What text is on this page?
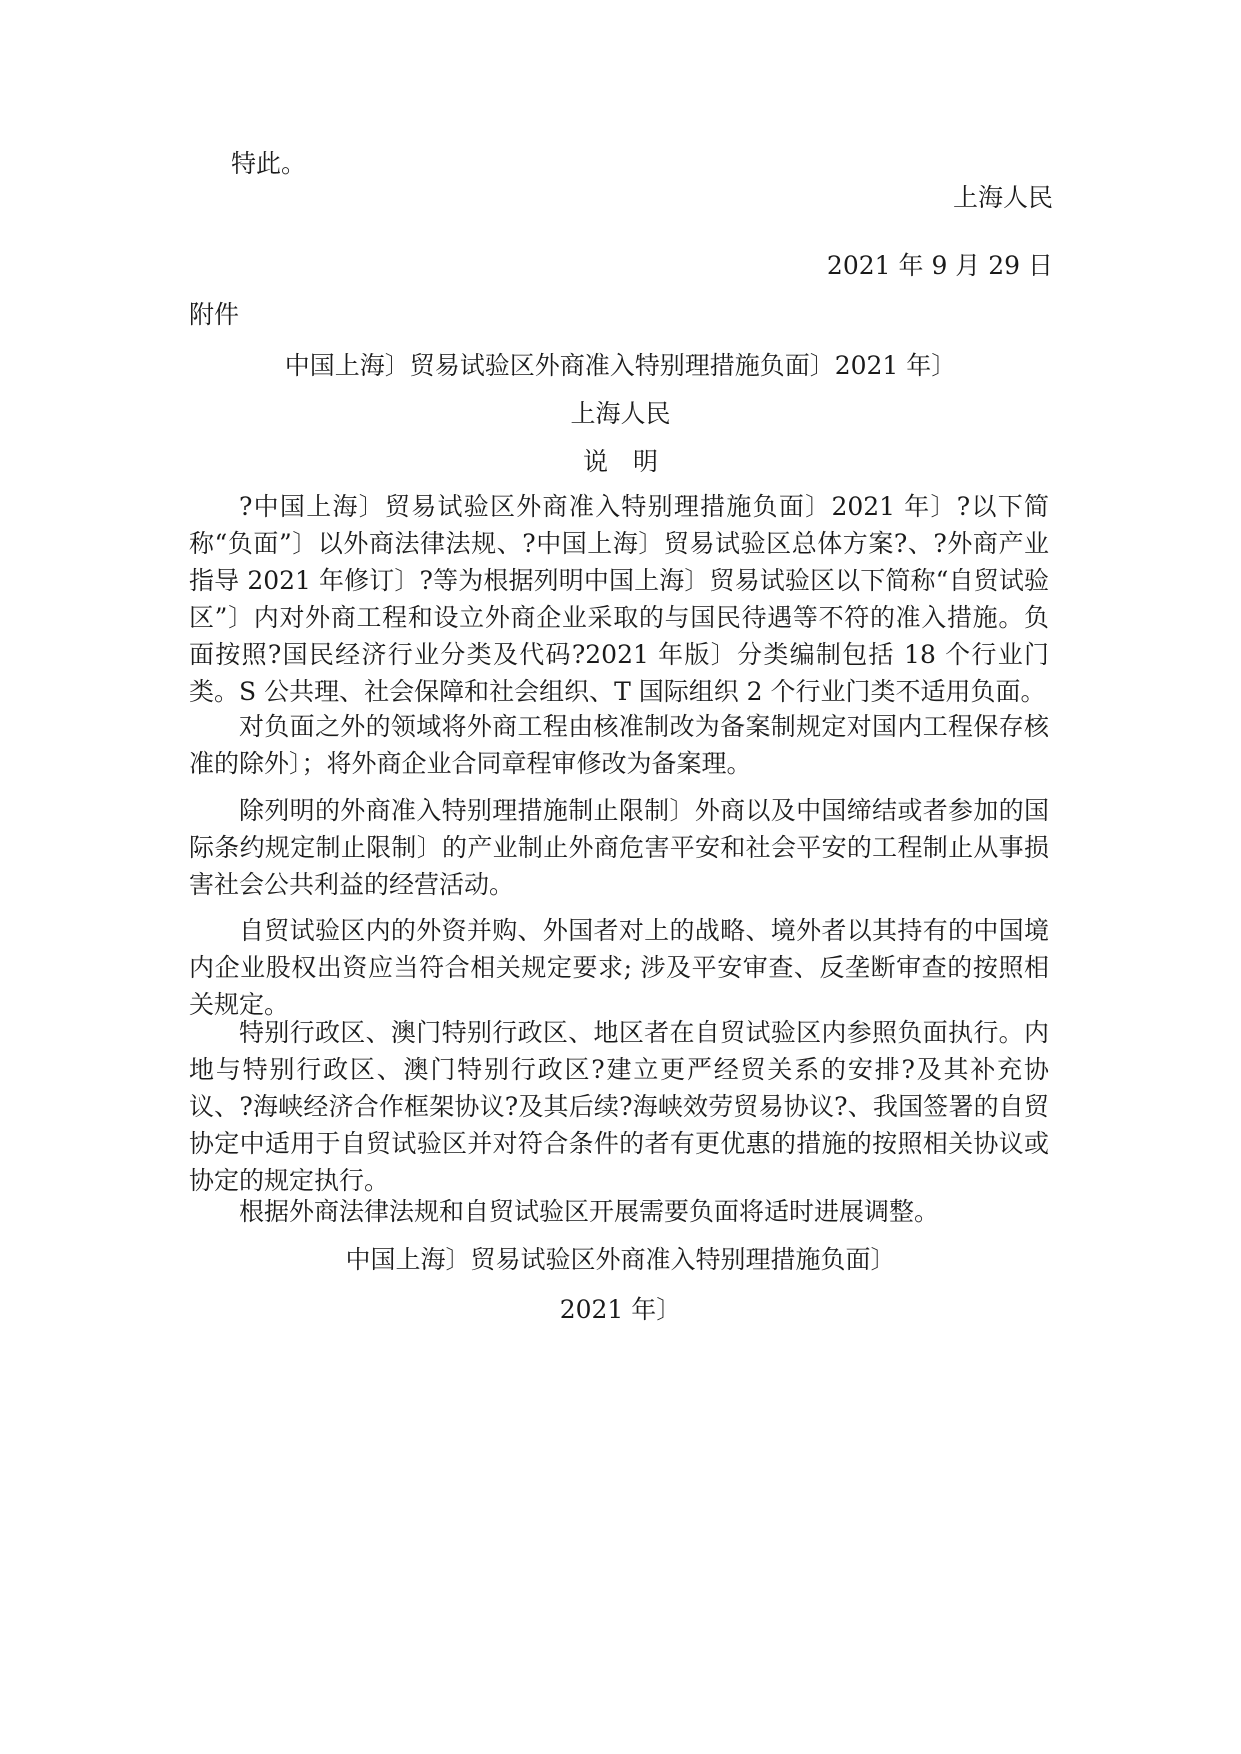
特此。
上海人民
2021 年 9 月 29 日
附件
中国上海〕贸易试验区外商准入特别理措施负面〕2021 年〕
上海人民
说　明

?中国上海〕贸易试验区外商准入特别理措施负面〕2021 年〕?以下简称“负面”〕以外商法律法规、?中国上海〕贸易试验区总体方案?、?外商产业指导 2021 年修订〕?等为根据列明中国上海〕贸易试验区以下简称“自贸试验区”〕内对外商工程和设立外商企业采取的与国民待遇等不符的准入措施。负面按照?国民经济行业分类及代码?2021 年版〕分类编制包括 18 个行业门类。S 公共理、社会保障和社会组织、T 国际组织 2 个行业门类不适用负面。

对负面之外的领域将外商工程由核准制改为备案制规定对国内工程保存核准的除外〕；将外商企业合同章程审修改为备案理。

除列明的外商准入特别理措施制止限制〕外商以及中国缔结或者参加的国际条约规定制止限制〕的产业制止外商危害平安和社会平安的工程制止从事损害社会公共利益的经营活动。

自贸试验区内的外资并购、外国者对上的战略、境外者以其持有的中国境内企业股权出资应当符合相关规定要求; 涉及平安审查、反垄断审查的按照相关规定。

特别行政区、澳门特别行政区、地区者在自贸试验区内参照负面执行。内地与特别行政区、澳门特别行政区?建立更严经贸关系的安排?及其补充协议、?海峡经济合作框架协议?及其后续?海峡效劳贸易协议?、我国签署的自贸协定中适用于自贸试验区并对符合条件的者有更优惠的措施的按照相关协议或协定的规定执行。

根据外商法律法规和自贸试验区开展需要负面将适时进展调整。

中国上海〕贸易试验区外商准入特别理措施负面〕
2021 年〕
